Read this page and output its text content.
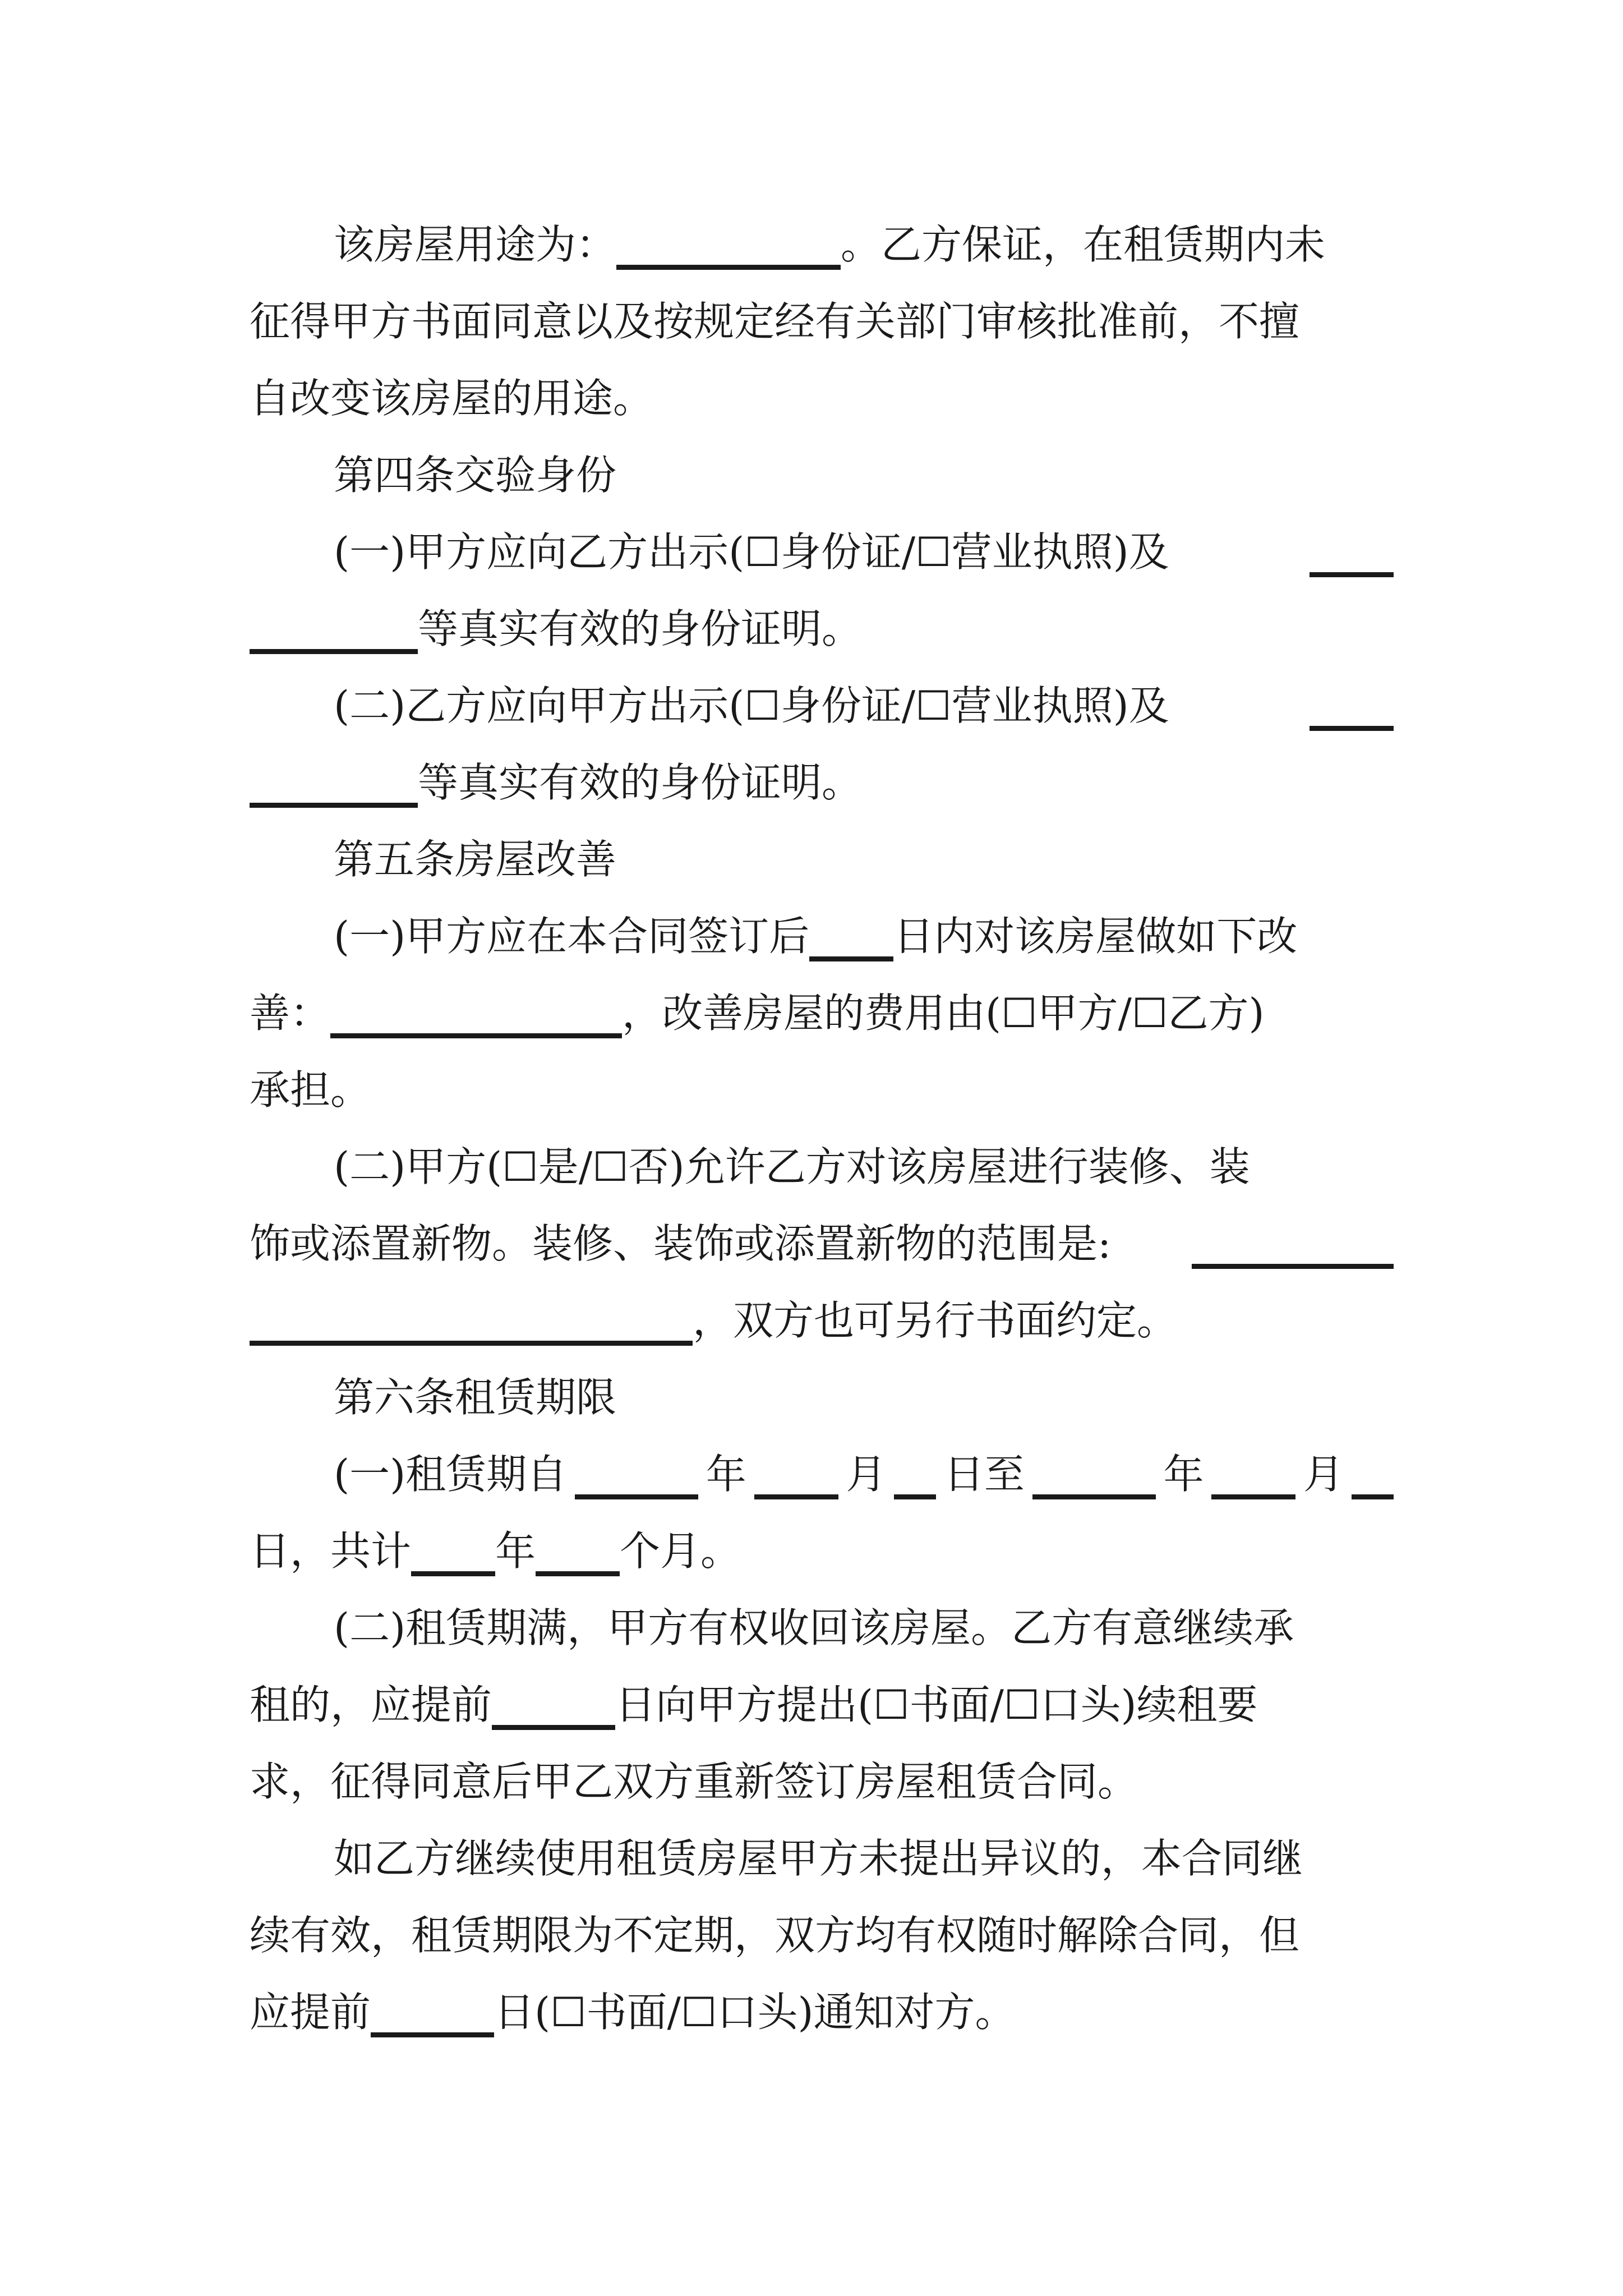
该房屋用途为：	。乙方保证，在租赁期内未
征得甲方书面同意以及按规定经有关部门审核批准前，不擅
自改变该房屋的用途。
第四条交验身份
(一)甲方应向乙方出示(☐身份证/☐营业执照)及
等真实有效的身份证明。
(二)乙方应向甲方出示(☐身份证/☐营业执照)及
等真实有效的身份证明。
第五条房屋改善
(一)甲方应在本合同签订后 日内对该房屋做如下改
善：	，改善房屋的费用由(☐甲方/☐乙方)
承担。
(二)甲方(☐是/☐否)允许乙方对该房屋进行装修、装
饰或添置新物。装修、装饰或添置新物的范围是:
，双方也可另行书面约定。
第六条租赁期限
(一)租赁期自	年 月 日至	年 月
日，共计 年 个月。
(二)租赁期满，甲方有权收回该房屋。乙方有意继续承
租的，应提前	日向甲方提出(☐书面/☐口头)续租要
求，征得同意后甲乙双方重新签订房屋租赁合同。
如乙方继续使用租赁房屋甲方未提出异议的，本合同继
续有效，租赁期限为不定期，双方均有权随时解除合同，但
应提前	日(☐书面/☐口头)通知对方。
